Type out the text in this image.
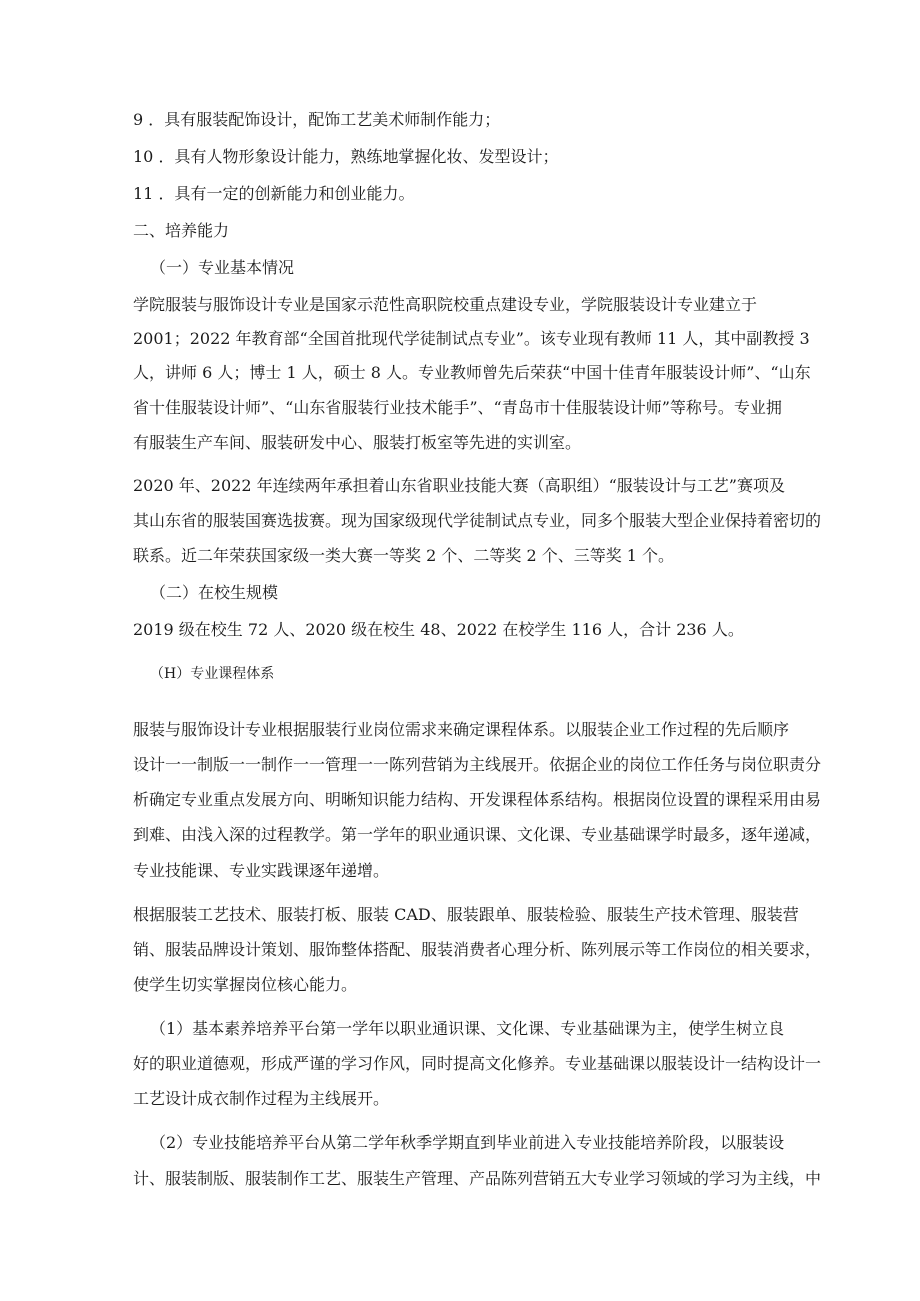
9 ．具有服装配饰设计，配饰工艺美术师制作能力；

10 ．具有人物形象设计能力，熟练地掌握化妆、发型设计；

11 ．具有一定的创新能力和创业能力。

二、培养能力

（一）专业基本情况

学院服装与服饰设计专业是国家示范性高职院校重点建设专业，学院服装设计专业建立于

2001；2022 年教育部“全国首批现代学徒制试点专业”。该专业现有教师 11 人，其中副教授 3

人，讲师 6 人；博士 1 人，硕士 8 人。专业教师曾先后荣获“中国十佳青年服装设计师”、“山东

省十佳服装设计师”、“山东省服装行业技术能手”、“青岛市十佳服装设计师”等称号。专业拥

有服装生产车间、服装研发中心、服装打板室等先进的实训室。

2020 年、2022 年连续两年承担着山东省职业技能大赛（高职组）“服装设计与工艺”赛项及

其山东省的服装国赛选拔赛。现为国家级现代学徒制试点专业，同多个服装大型企业保持着密切的

联系。近二年荣获国家级一类大赛一等奖 2 个、二等奖 2 个、三等奖 1 个。

（二）在校生规模

2019 级在校生 72 人、2020 级在校生 48、2022 在校学生 116 人，合计 236 人。

（H）专业课程体系

服装与服饰设计专业根据服装行业岗位需求来确定课程体系。以服装企业工作过程的先后顺序

设计一一制版一一制作一一管理一一陈列营销为主线展开。依据企业的岗位工作任务与岗位职责分

析确定专业重点发展方向、明晰知识能力结构、开发课程体系结构。根据岗位设置的课程采用由易

到难、由浅入深的过程教学。第一学年的职业通识课、文化课、专业基础课学时最多，逐年递减，

专业技能课、专业实践课逐年递增。

根据服装工艺技术、服装打板、服装 CAD、服装跟单、服装检验、服装生产技术管理、服装营

销、服装品牌设计策划、服饰整体搭配、服装消费者心理分析、陈列展示等工作岗位的相关要求，

使学生切实掌握岗位核心能力。

（1）基本素养培养平台第一学年以职业通识课、文化课、专业基础课为主，使学生树立良

好的职业道德观，形成严谨的学习作风，同时提高文化修养。专业基础课以服装设计一结构设计一

工艺设计成衣制作过程为主线展开。

（2）专业技能培养平台从第二学年秋季学期直到毕业前进入专业技能培养阶段，以服装设

计、服装制版、服装制作工艺、服装生产管理、产品陈列营销五大专业学习领域的学习为主线，中
